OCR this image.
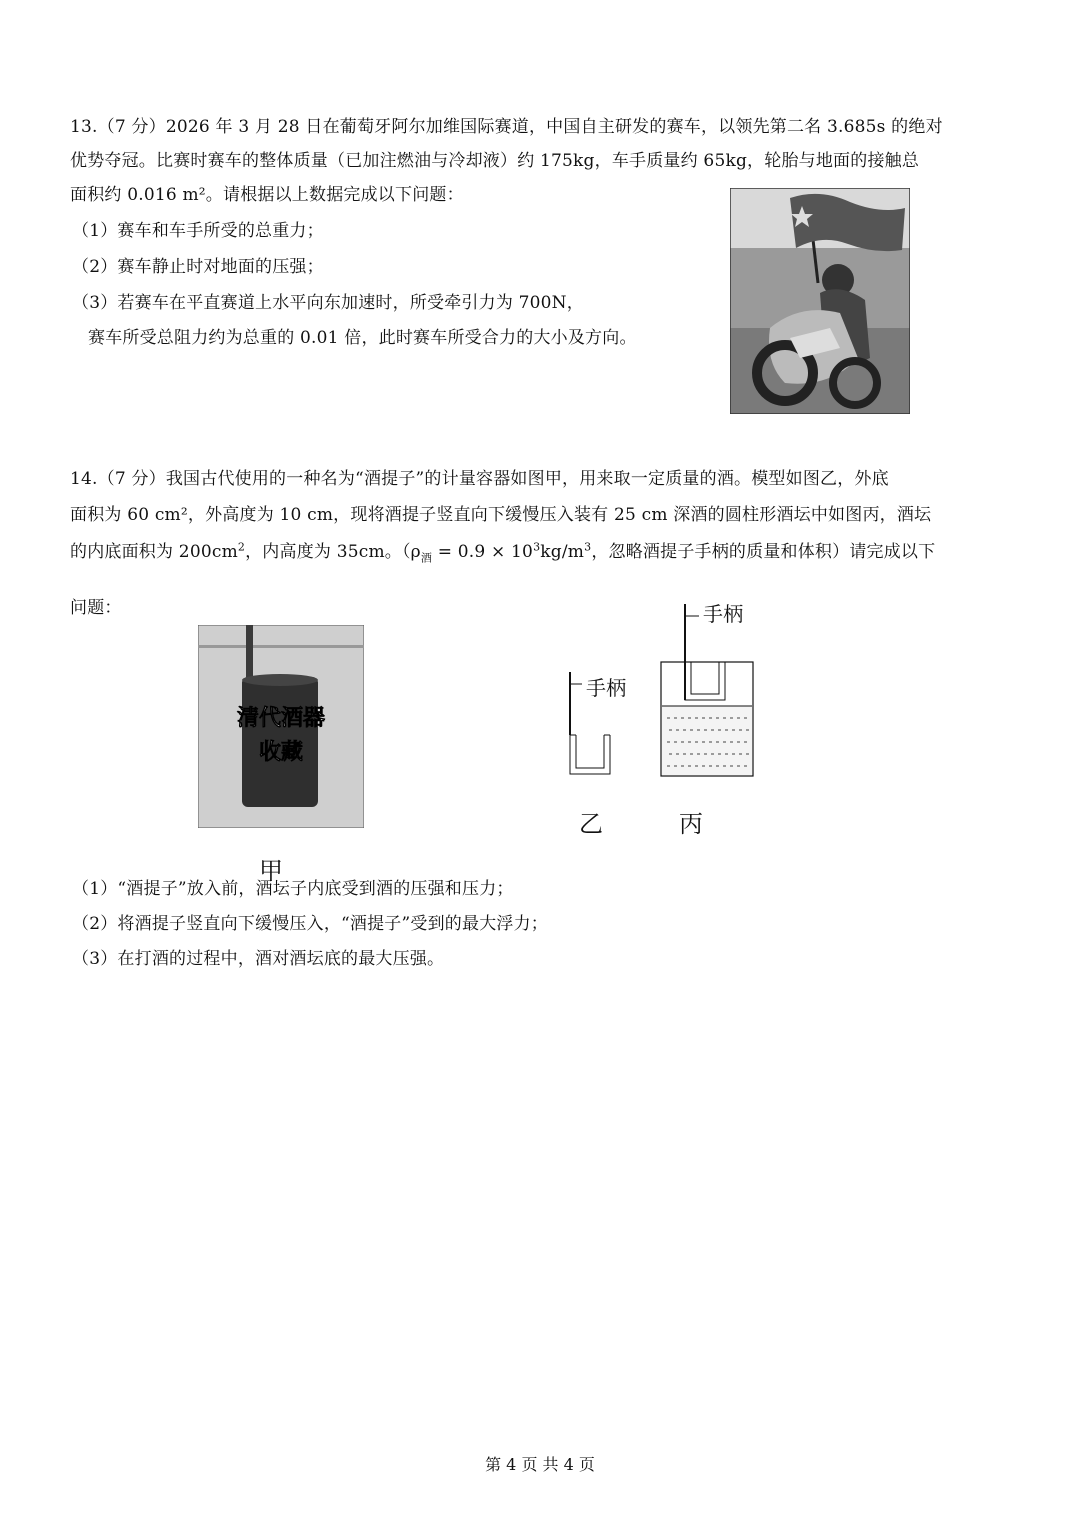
13.（7 分）2026 年 3 月 28 日在葡萄牙阿尔加维国际赛道，中国自主研发的赛车，以领先第二名 3.685s 的绝对
优势夺冠。比赛时赛车的整体质量（已加注燃油与冷却液）约 175kg，车手质量约 65kg，轮胎与地面的接触总
面积约 0.016 m²。请根据以上数据完成以下问题：
（1）赛车和车手所受的总重力；
（2）赛车静止时对地面的压强；
（3）若赛车在平直赛道上水平向东加速时，所受牵引力为 700N，
赛车所受总阻力约为总重的 0.01 倍，此时赛车所受合力的大小及方向。
14.（7 分）我国古代使用的一种名为“酒提子”的计量容器如图甲，用来取一定质量的酒。模型如图乙，外底
面积为 60 cm²，外高度为 10 cm，现将酒提子竖直向下缓慢压入装有 25 cm 深酒的圆柱形酒坛中如图丙，酒坛
的内底面积为 $200cm^2$，内高度为 35cm。（$\rho_酒 = 0.9 \times 10^3kg/m^3$，忽略酒提子手柄的质量和体积）请完成以下
问题：
清代酒器
收藏
甲
手柄
乙
手柄
丙
（1）“酒提子”放入前，酒坛子内底受到酒的压强和压力；
（2）将酒提子竖直向下缓慢压入，“酒提子”受到的最大浮力；
（3）在打酒的过程中，酒对酒坛底的最大压强。
第 4 页 共 4 页
